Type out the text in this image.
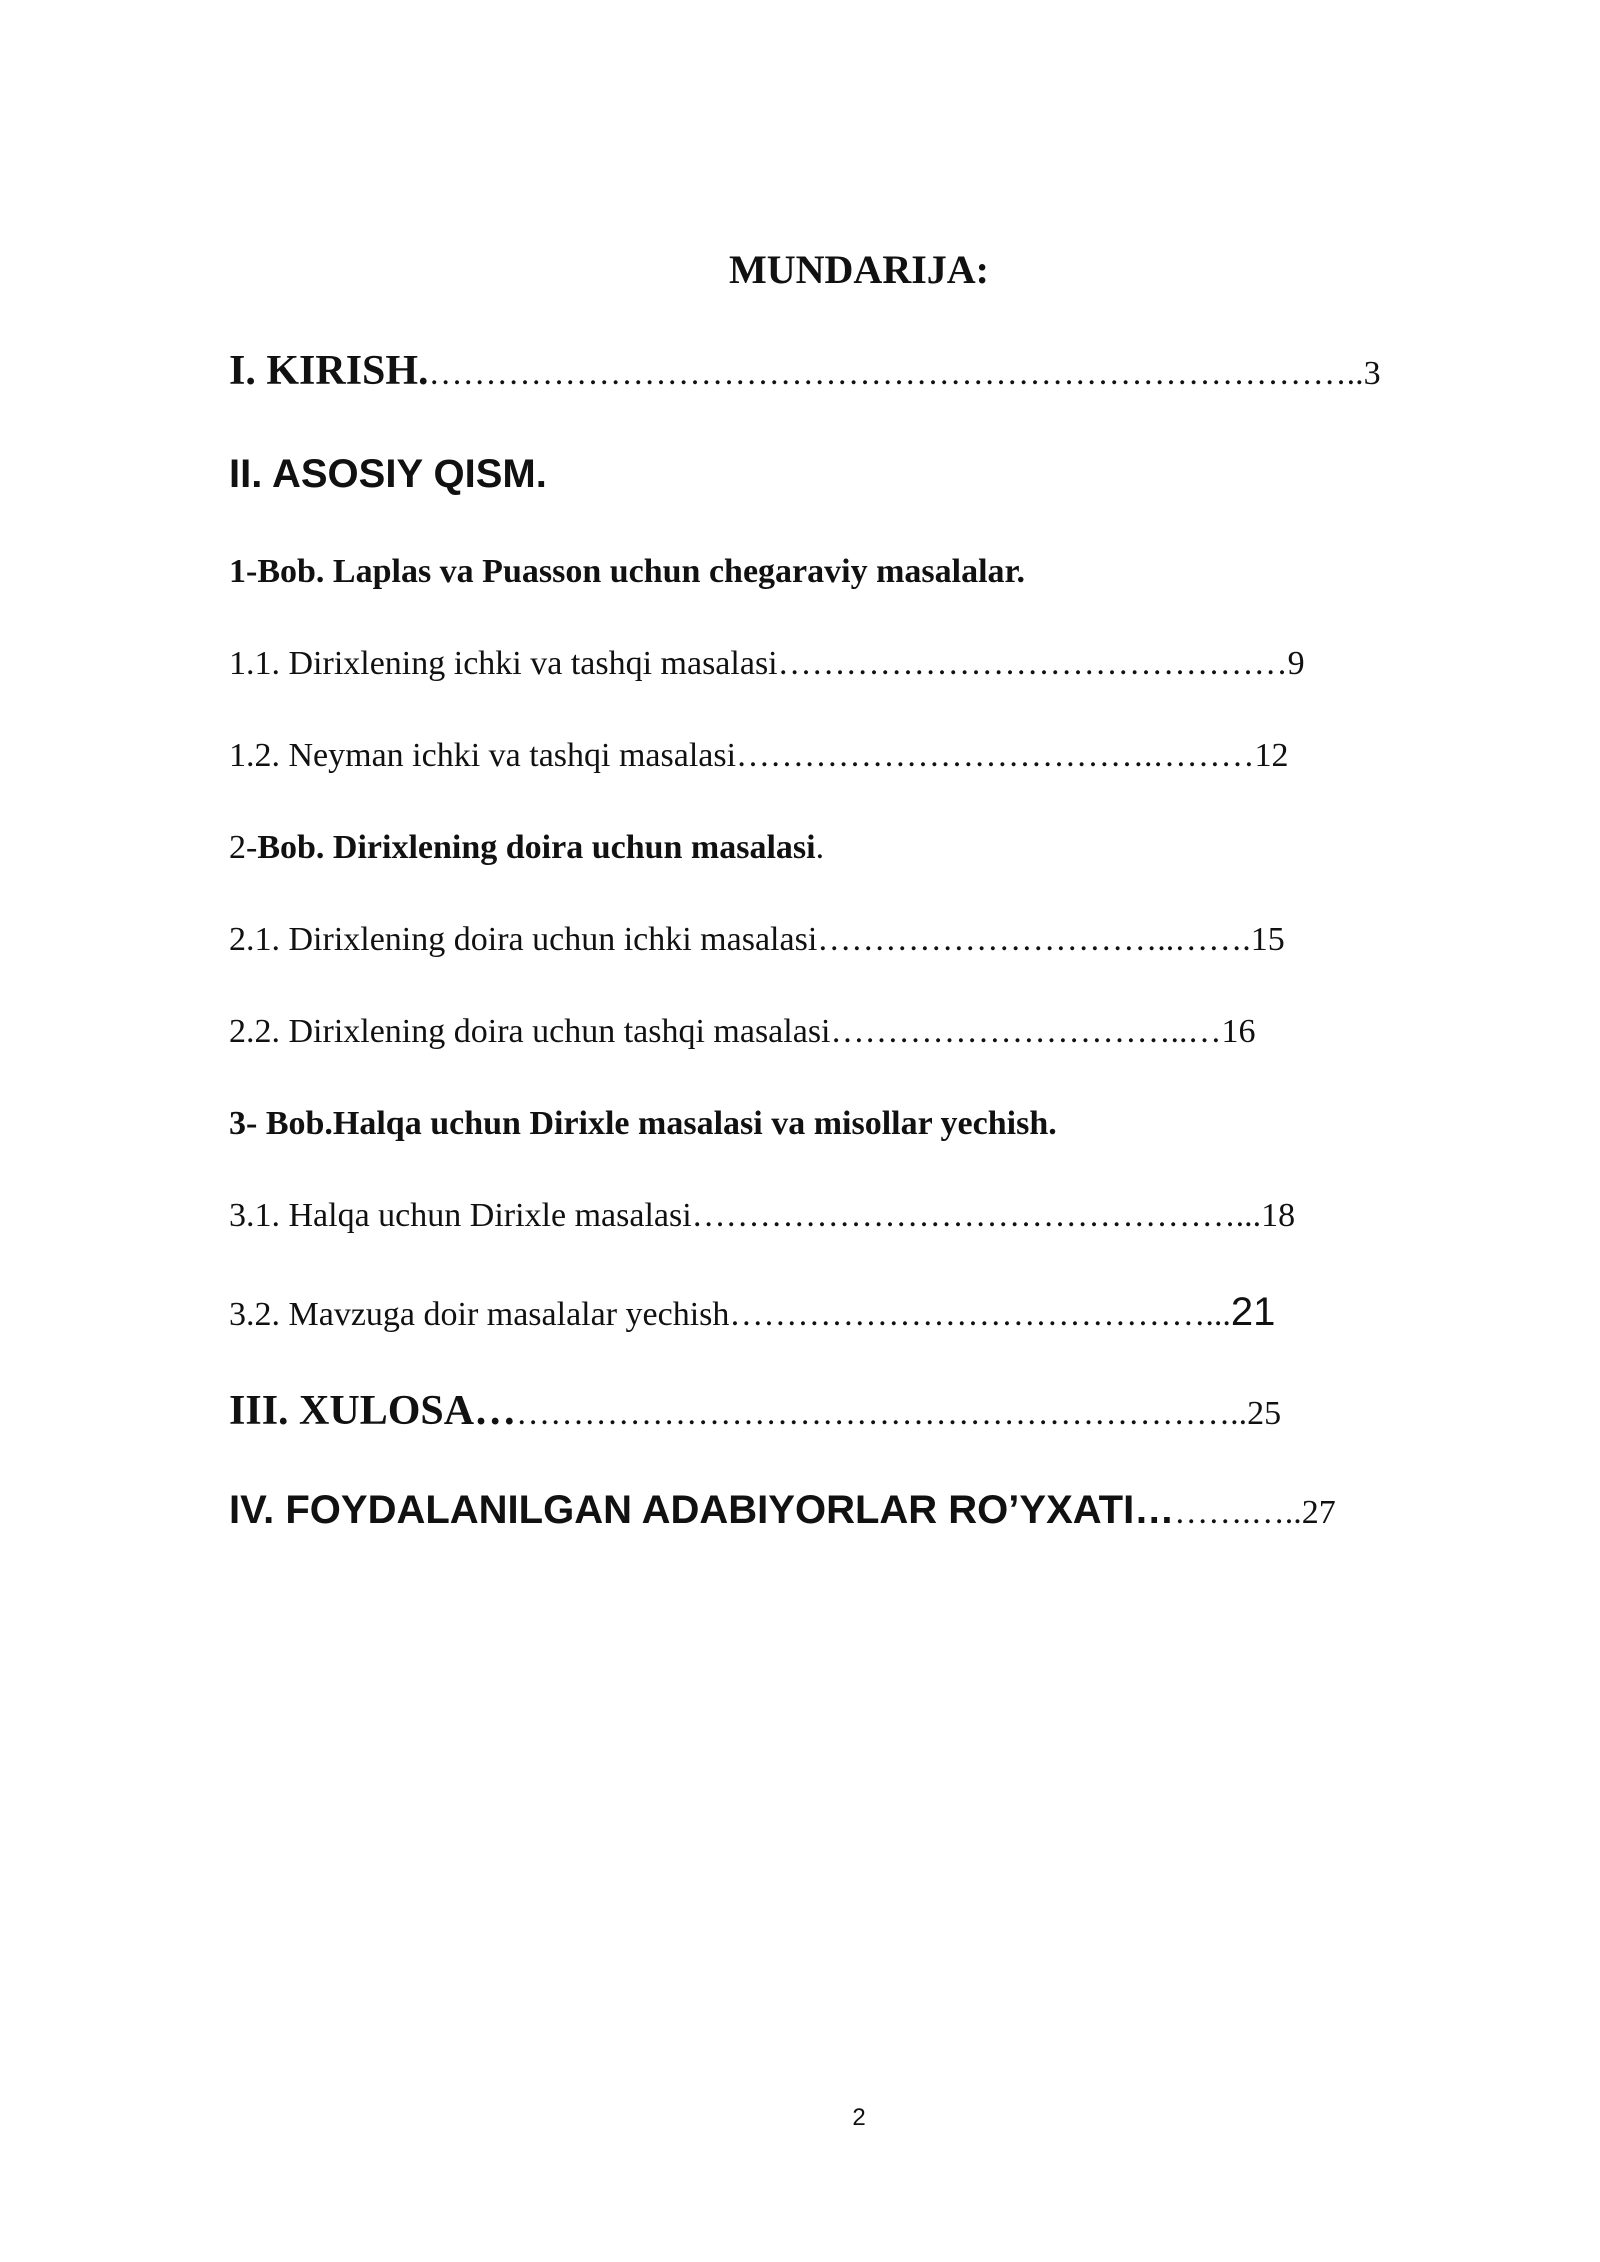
MUNDARIJA:
I. KIRISH.………………………………………………………………………..3
II. ASOSIY QISM.
1-Bob. Laplas va Puasson uchun chegaraviy masalalar.
1.1. Dirixlening ichki va tashqi masalasi………………………………………9
1.2. Neyman ichki va tashqi masalasi……………………………….………12
2-Bob. Dirixlening doira uchun masalasi.
2.1. Dirixlening doira uchun ichki masalasi…………………………..…….15
2.2. Dirixlening doira uchun tashqi masalasi…………………………..…16
3- Bob.Halqa uchun Dirixle masalasi va misollar yechish.
3.1. Halqa uchun Dirixle masalasi…………………………………………...18
3.2. Mavzuga doir masalalar yechish……………………………………...21
III. XULOSA…………………………………………………………..25
IV. FOYDALANILGAN ADABIYORLAR RO’YXATI……….…..27
2
